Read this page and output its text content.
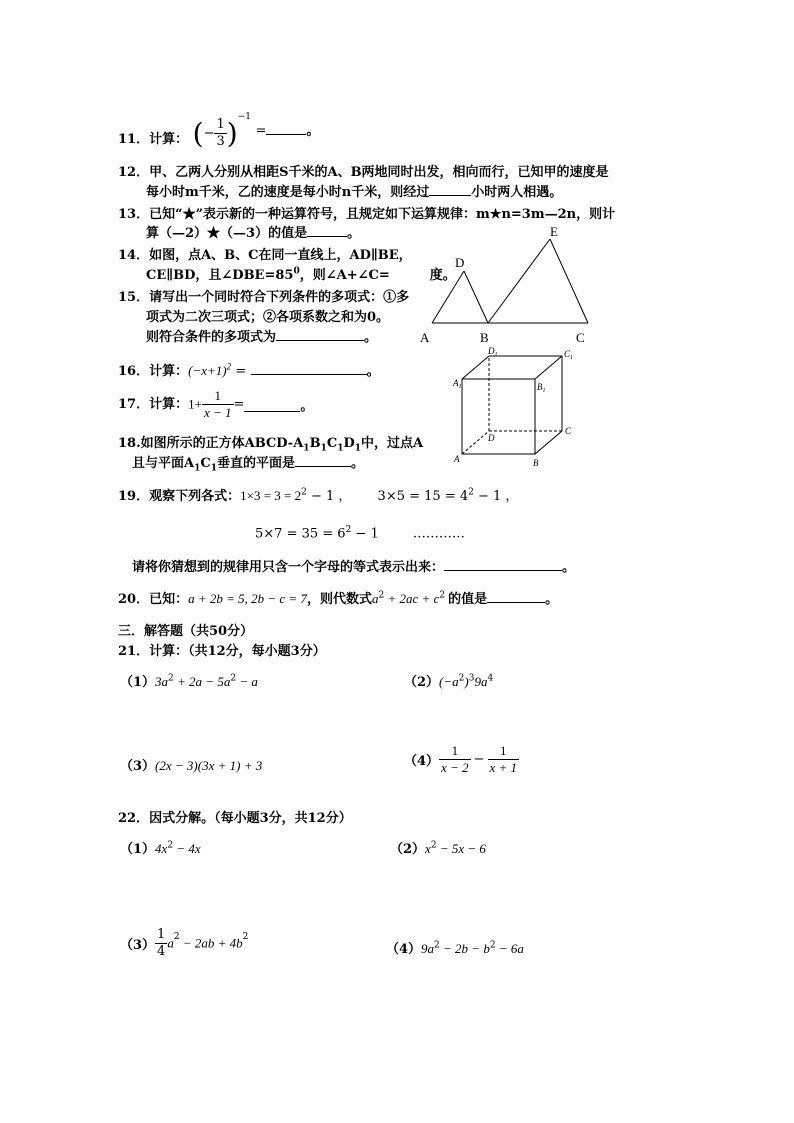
11．计算： (− $\frac{1}{3} )^{-1}$ =	。
12．甲、乙两人分别从相距S千米的A、B两地同时出发，相向而行，已知甲的速度是
每小时m千米，乙的速度是每小时n千米，则经过	小时两人相遇。
13．已知“★”表示新的一种运算符号，且规定如下运算规律：m★n=3m—2n，则计
算（—2）★（—3）的值是	。
14．如图，点A、B、C在同一直线上，AD∥BE，
CE∥BD，且$\angle DBE=85^0$，则∠A+∠C=	度。
A	B	C
D
E
15．请写出一个同时符合下列条件的多项式：①多
项式为二次三项式；②各项系数之和为0。
则符合条件的多项式为	。
16．计算：$(-x+1)^2$ =	。
17．计算：$1+ \frac{1}{x - 1}$ =	。
18.如图所示的正方体ABCD-$A_1B_1C_1D_1$中，过点A
且与平面$A_1C_1$垂直的平面是	。
$D_1$	$C_1$
$A_1$	$B_1$
D
C
A	B
19．观察下列各式：$1\times 3 = 3 = 2^2 - 1$ ， $3\times 5 = 15 = 4^2 - 1$ ，
$5\times 7 = 35 = 6^2 - 1$	…………
请将你猜想到的规律用只含一个字母的等式表示出来：	。
20．已知：a + 2b = 5, 2b − c = 7，则代数式$a^2 + 2ac + c^2$ 的值是	。
三．解答题（共50分）
21．计算：（共12分，每小题3分）
$(1)3a^2 + 2a - 5a^2 - a$	$(2)(-a^2)^39a^4$
（3）(2x − 3)(3x + 1) + 3	$(4) \frac{1}{x - 2} - \frac{1}{x + 1}$
22．因式分解。（每小题3分，共12分）
$(1)4x^2 - 4x$	$(2)x^2 - 5x - 6$
$(3) \frac{1}{4} a^2 - 2ab + 4b^2$
$(4)9a^2 - 2b - b^2 - 6a$
